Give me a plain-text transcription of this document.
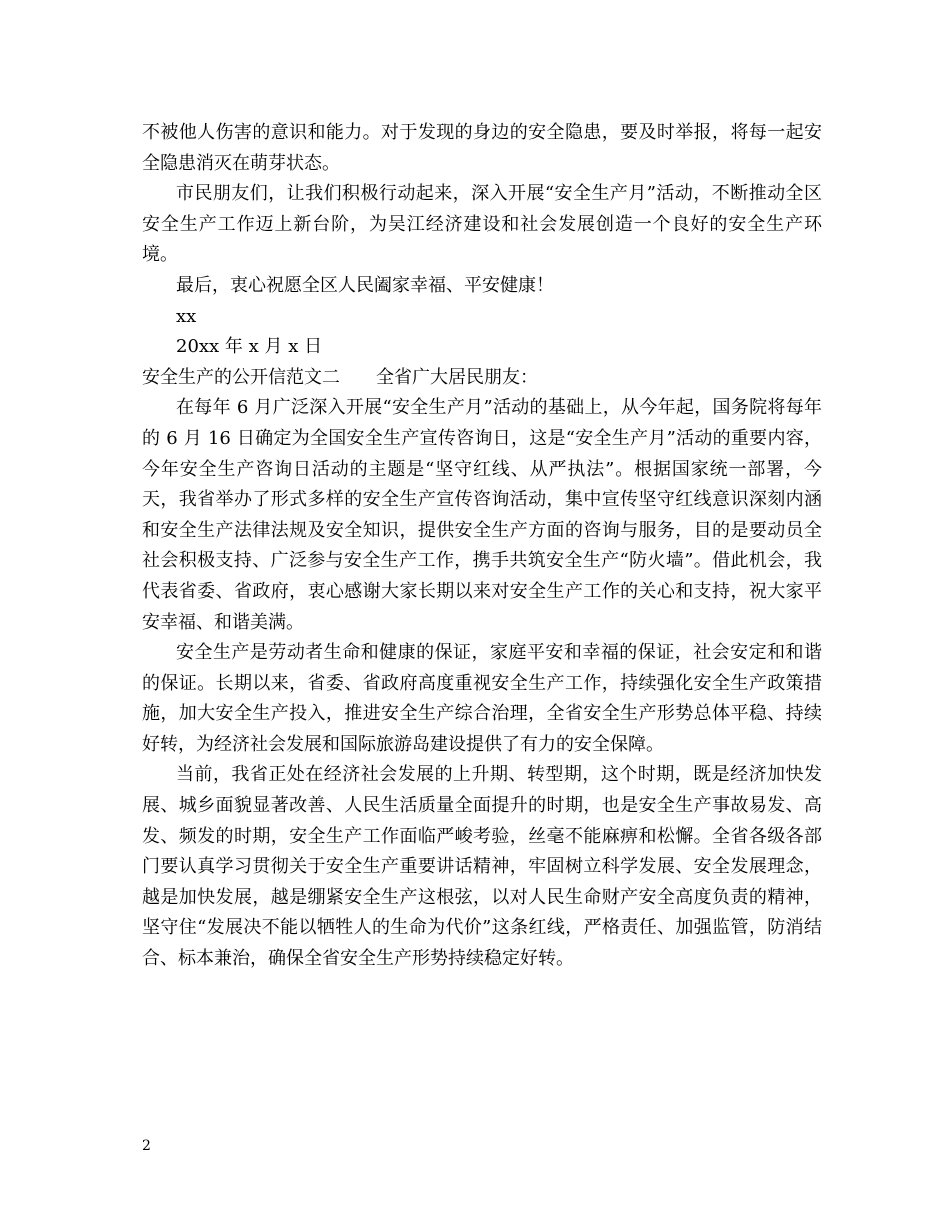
不被他人伤害的意识和能力。对于发现的身边的安全隐患，要及时举报，将每一起安全隐患消灭在萌芽状态。

市民朋友们，让我们积极行动起来，深入开展“安全生产月”活动，不断推动全区安全生产工作迈上新台阶，为吴江经济建设和社会发展创造一个良好的安全生产环境。

最后，衷心祝愿全区人民阖家幸福、平安健康！

xx

20xx 年 x 月 x 日

安全生产的公开信范文二　　全省广大居民朋友：

在每年 6 月广泛深入开展“安全生产月”活动的基础上，从今年起，国务院将每年的 6 月 16 日确定为全国安全生产宣传咨询日，这是“安全生产月”活动的重要内容，今年安全生产咨询日活动的主题是“坚守红线、从严执法”。根据国家统一部署，今天，我省举办了形式多样的安全生产宣传咨询活动，集中宣传坚守红线意识深刻内涵和安全生产法律法规及安全知识，提供安全生产方面的咨询与服务，目的是要动员全社会积极支持、广泛参与安全生产工作，携手共筑安全生产“防火墙”。借此机会，我代表省委、省政府，衷心感谢大家长期以来对安全生产工作的关心和支持，祝大家平安幸福、和谐美满。

安全生产是劳动者生命和健康的保证，家庭平安和幸福的保证，社会安定和和谐的保证。长期以来，省委、省政府高度重视安全生产工作，持续强化安全生产政策措施，加大安全生产投入，推进安全生产综合治理，全省安全生产形势总体平稳、持续好转，为经济社会发展和国际旅游岛建设提供了有力的安全保障。

当前，我省正处在经济社会发展的上升期、转型期，这个时期，既是经济加快发展、城乡面貌显著改善、人民生活质量全面提升的时期，也是安全生产事故易发、高发、频发的时期，安全生产工作面临严峻考验，丝毫不能麻痹和松懈。全省各级各部门要认真学习贯彻关于安全生产重要讲话精神，牢固树立科学发展、安全发展理念，越是加快发展，越是绷紧安全生产这根弦，以对人民生命财产安全高度负责的精神，坚守住“发展决不能以牺牲人的生命为代价”这条红线，严格责任、加强监管，防消结合、标本兼治，确保全省安全生产形势持续稳定好转。

2
